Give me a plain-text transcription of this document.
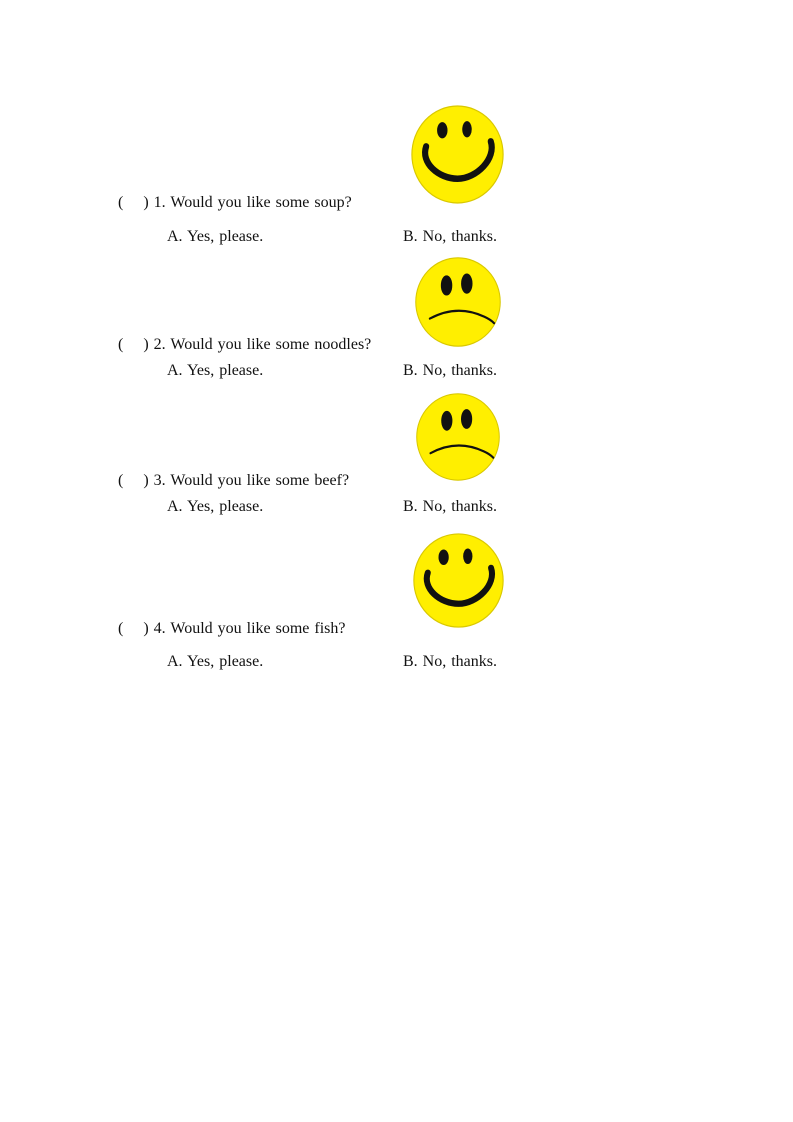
(    ) 1. Would you like some soup?
A. Yes, please.	B. No, thanks.
(    ) 2. Would you like some noodles?
A. Yes, please.	B. No, thanks.
(    ) 3. Would you like some beef?
A. Yes, please.	B. No, thanks.
(    ) 4. Would you like some fish?
A. Yes, please.	B. No, thanks.
